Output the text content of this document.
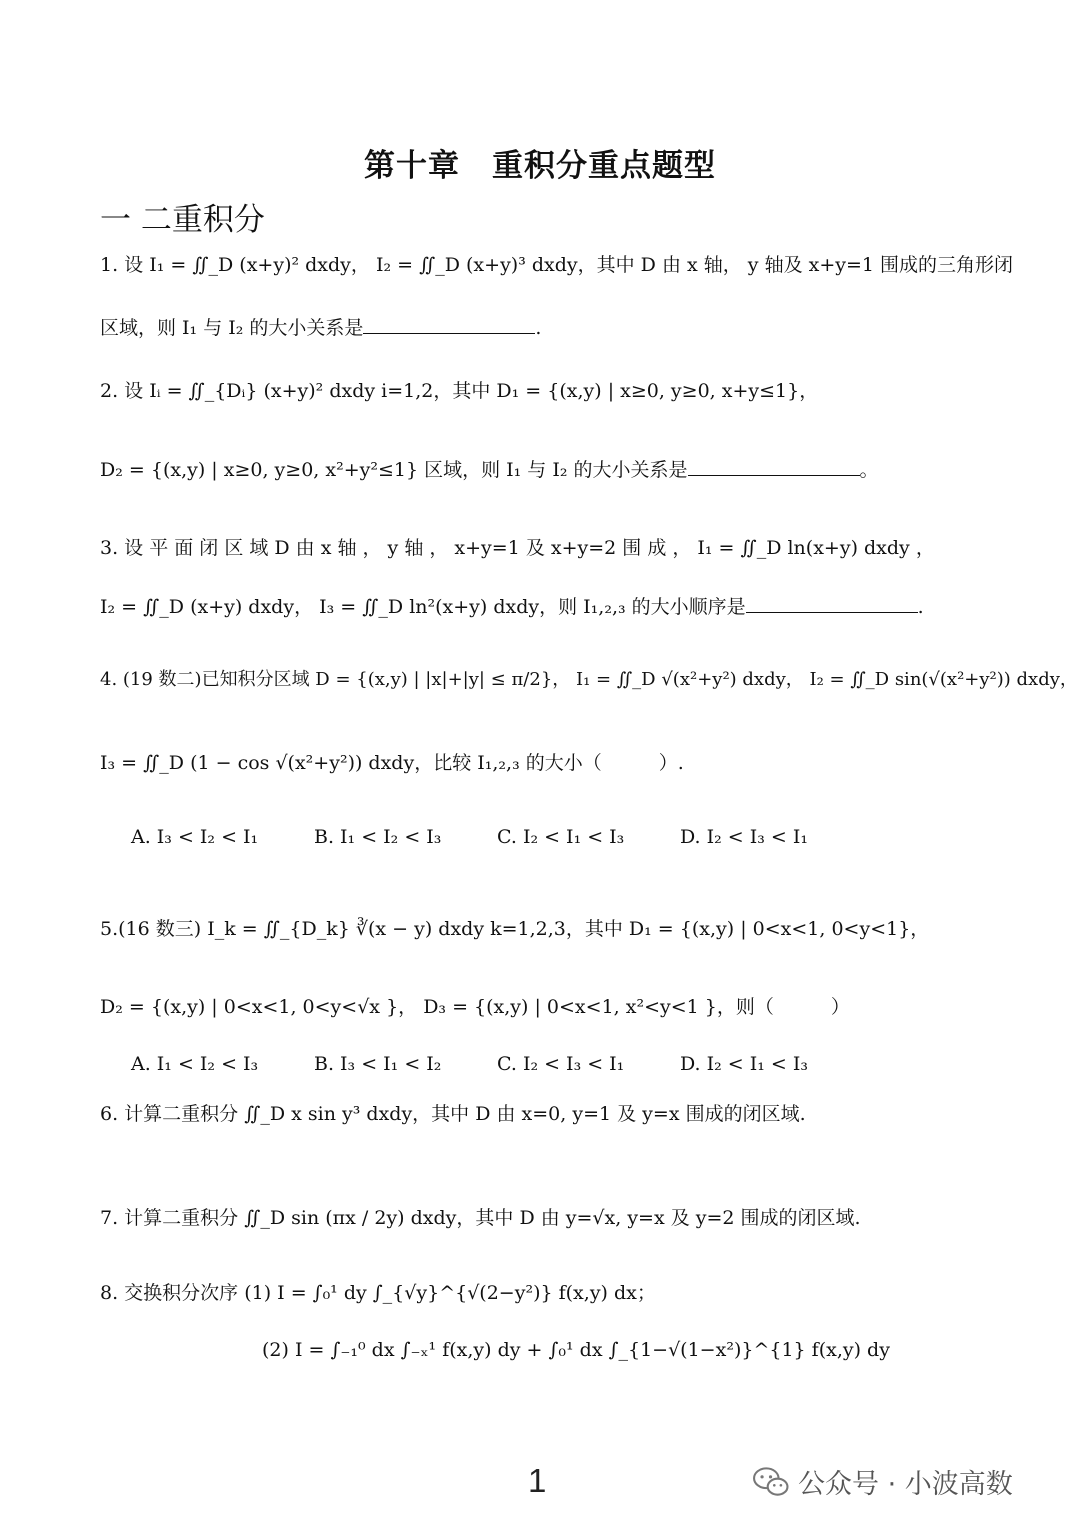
第十章　重积分重点题型
一 二重积分
1. 设 I₁ = ∬_D (x+y)² dxdy， I₂ = ∬_D (x+y)³ dxdy，其中 D 由 x 轴， y 轴及 x+y=1 围成的三角形闭
区域，则 I₁ 与 I₂ 的大小关系是	.
2. 设 Iᵢ = ∬_{Dᵢ} (x+y)² dxdy i=1,2，其中 D₁ = {(x,y) | x≥0, y≥0, x+y≤1}，
D₂ = {(x,y) | x≥0, y≥0, x²+y²≤1} 区域，则 I₁ 与 I₂ 的大小关系是	。
3. 设 平 面 闭 区 域 D 由 x 轴 ， y 轴 ， x+y=1 及 x+y=2 围 成 ， I₁ = ∬_D ln(x+y) dxdy ，
I₂ = ∬_D (x+y) dxdy， I₃ = ∬_D ln²(x+y) dxdy，则 I₁,₂,₃ 的大小顺序是	.
4. (19 数二)已知积分区域 D = {(x,y) | |x|+|y| ≤ π/2}， I₁ = ∬_D √(x²+y²) dxdy， I₂ = ∬_D sin(√(x²+y²)) dxdy，
I₃ = ∬_D (1 − cos √(x²+y²)) dxdy，比较 I₁,₂,₃ 的大小（　　　）.
A. I₃ < I₂ < I₁	B. I₁ < I₂ < I₃	C. I₂ < I₁ < I₃	D. I₂ < I₃ < I₁
5.(16 数三) I_k = ∬_{D_k} ∛(x − y) dxdy k=1,2,3，其中 D₁ = {(x,y) | 0<x<1, 0<y<1}，
D₂ = {(x,y) | 0<x<1, 0<y<√x }， D₃ = {(x,y) | 0<x<1, x²<y<1 }，则（　　　）
A. I₁ < I₂ < I₃	B. I₃ < I₁ < I₂	C. I₂ < I₃ < I₁	D. I₂ < I₁ < I₃
6. 计算二重积分 ∬_D x sin y³ dxdy，其中 D 由 x=0, y=1 及 y=x 围成的闭区域.
7. 计算二重积分 ∬_D sin (πx / 2y) dxdy，其中 D 由 y=√x, y=x 及 y=2 围成的闭区域.
8. 交换积分次序 (1) I = ∫₀¹ dy ∫_{√y}^{√(2−y²)} f(x,y) dx；
(2) I = ∫₋₁⁰ dx ∫₋ₓ¹ f(x,y) dy + ∫₀¹ dx ∫_{1−√(1−x²)}^{1} f(x,y) dy
1	公众号 · 小波高数
